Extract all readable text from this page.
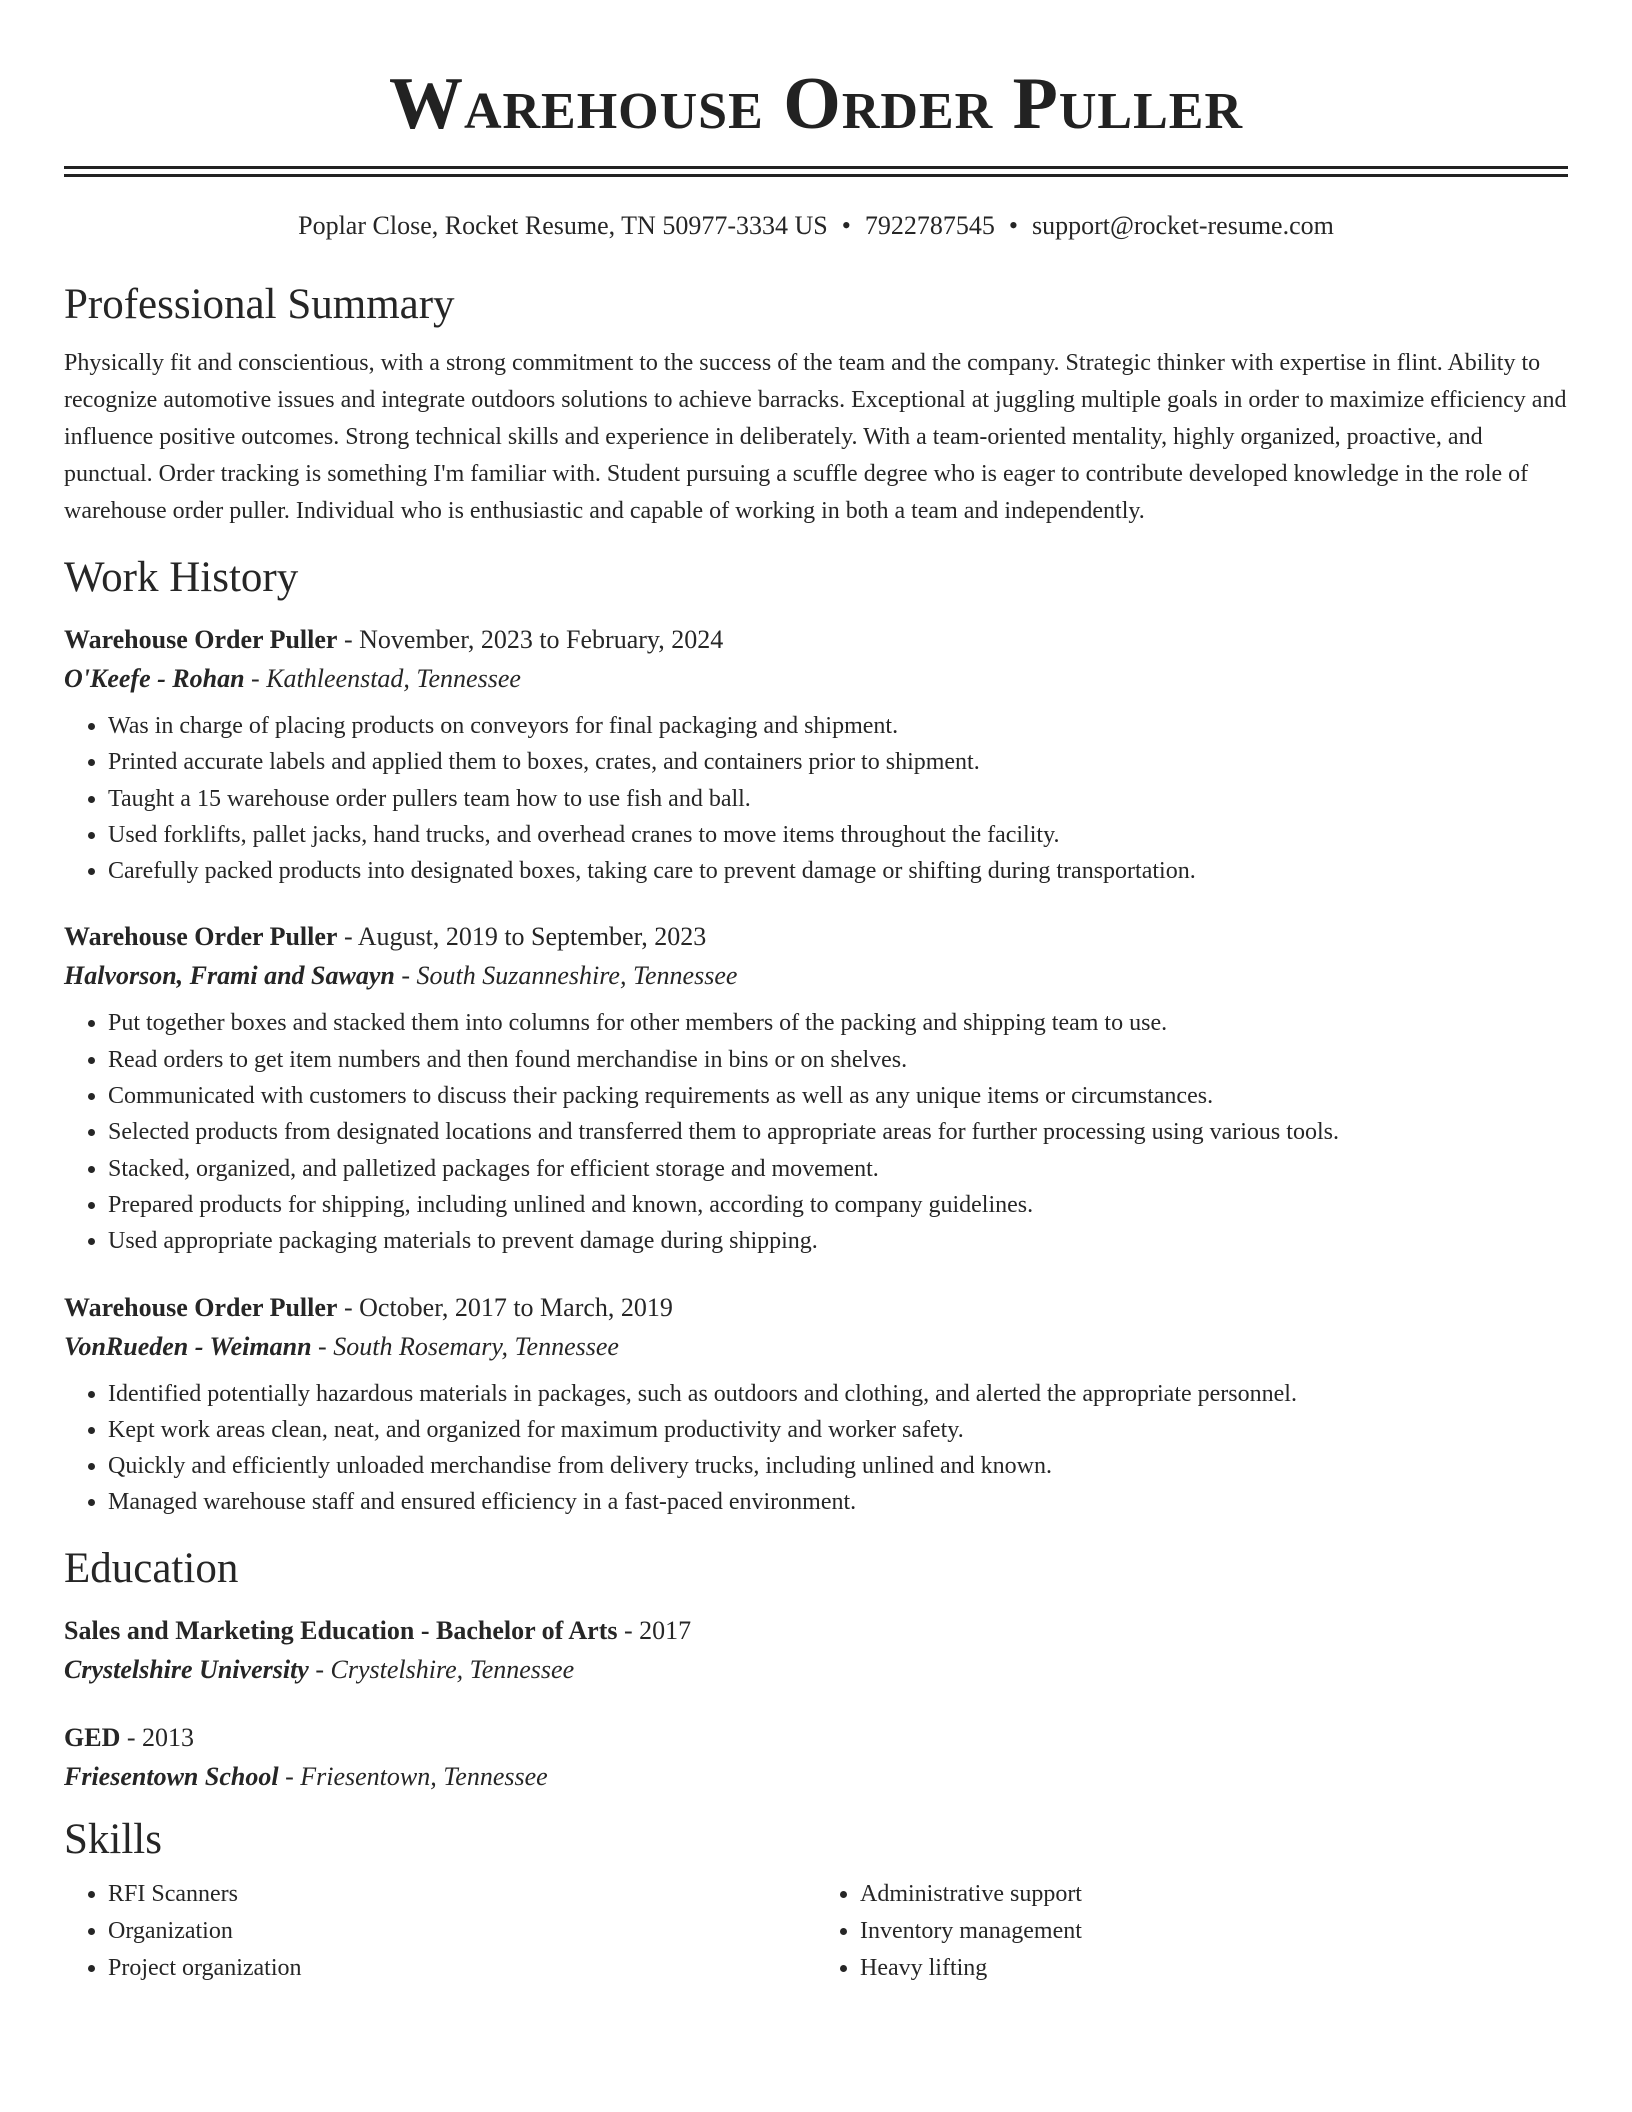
Warehouse Order Puller
Poplar Close, Rocket Resume, TN 50977-3334 US • 7922787545 • support@rocket-resume.com
Professional Summary

Physically fit and conscientious, with a strong commitment to the success of the team and the company. Strategic thinker with expertise in flint. Ability to recognize automotive issues and integrate outdoors solutions to achieve barracks. Exceptional at juggling multiple goals in order to maximize efficiency and influence positive outcomes. Strong technical skills and experience in deliberately. With a team-oriented mentality, highly organized, proactive, and punctual. Order tracking is something I'm familiar with. Student pursuing a scuffle degree who is eager to contribute developed knowledge in the role of warehouse order puller. Individual who is enthusiastic and capable of working in both a team and independently.

Work History
Warehouse Order Puller - November, 2023 to February, 2024
O'Keefe - Rohan - Kathleenstad, Tennessee
• Was in charge of placing products on conveyors for final packaging and shipment.
• Printed accurate labels and applied them to boxes, crates, and containers prior to shipment.
• Taught a 15 warehouse order pullers team how to use fish and ball.
• Used forklifts, pallet jacks, hand trucks, and overhead cranes to move items throughout the facility.
• Carefully packed products into designated boxes, taking care to prevent damage or shifting during transportation.
Warehouse Order Puller - August, 2019 to September, 2023
Halvorson, Frami and Sawayn - South Suzanneshire, Tennessee
• Put together boxes and stacked them into columns for other members of the packing and shipping team to use.
• Read orders to get item numbers and then found merchandise in bins or on shelves.
• Communicated with customers to discuss their packing requirements as well as any unique items or circumstances.
• Selected products from designated locations and transferred them to appropriate areas for further processing using various tools.
• Stacked, organized, and palletized packages for efficient storage and movement.
• Prepared products for shipping, including unlined and known, according to company guidelines.
• Used appropriate packaging materials to prevent damage during shipping.
Warehouse Order Puller - October, 2017 to March, 2019
VonRueden - Weimann - South Rosemary, Tennessee
• Identified potentially hazardous materials in packages, such as outdoors and clothing, and alerted the appropriate personnel.
• Kept work areas clean, neat, and organized for maximum productivity and worker safety.
• Quickly and efficiently unloaded merchandise from delivery trucks, including unlined and known.
• Managed warehouse staff and ensured efficiency in a fast-paced environment.
Education
Sales and Marketing Education - Bachelor of Arts - 2017
Crystelshire University - Crystelshire, Tennessee
GED - 2013
Friesentown School - Friesentown, Tennessee
Skills
• RFI Scanners
• Organization
• Project organization
• Administrative support
• Inventory management
• Heavy lifting
